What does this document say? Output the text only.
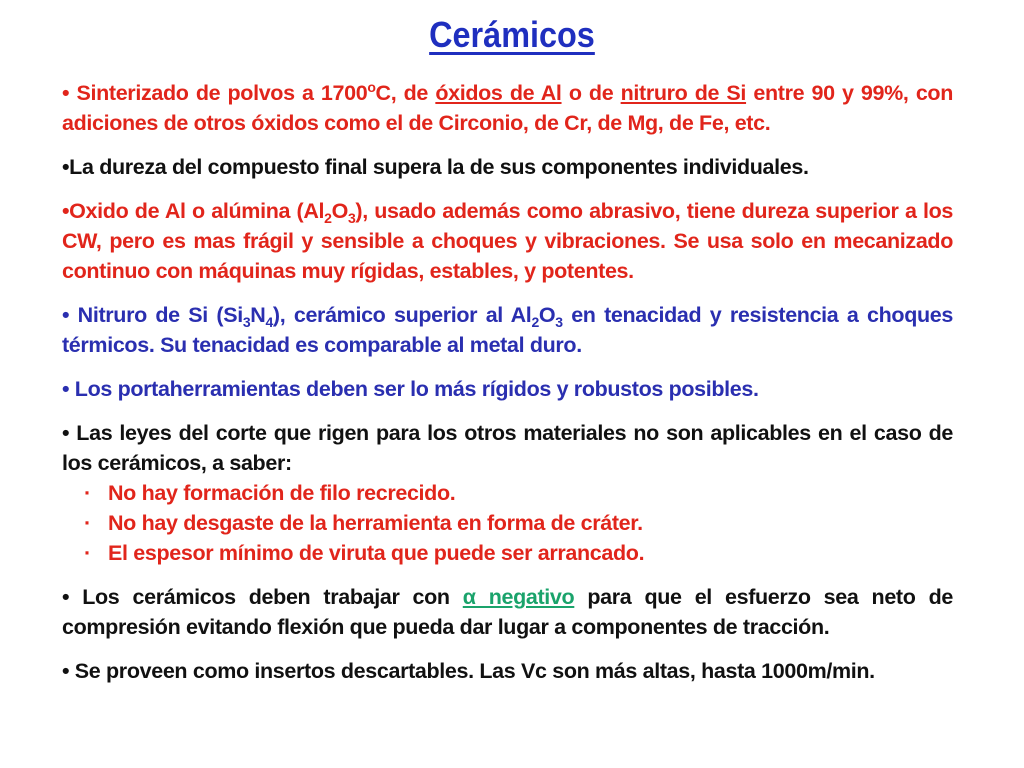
Cerámicos

• Sinterizado de polvos a 1700$^o$C, de óxidos de Al o de nitruro de Si entre 90 y 99%, con adiciones de otros óxidos como el de Circonio, de Cr, de Mg, de Fe, etc.

•La dureza del compuesto final supera la de sus componentes individuales.

•Oxido de Al o alúmina $(Al_2O_3)$, usado además como abrasivo, tiene dureza superior a los CW, pero es mas frágil y sensible a choques y vibraciones. Se usa solo en mecanizado continuo con máquinas muy rígidas, estables, y potentes.

• Nitruro de Si $(Si_3N_4)$, cerámico superior al $Al_2O_3$ en tenacidad y resistencia a choques térmicos. Su tenacidad es comparable al metal duro.

• Los portaherramientas deben ser lo más rígidos y robustos posibles.

• Las leyes del corte que rigen para los otros materiales no son aplicables en el caso de los cerámicos, a saber:
· No hay formación de filo recrecido.
· No hay desgaste de la herramienta en forma de cráter.
· El espesor mínimo de viruta que puede ser arrancado.

• Los cerámicos deben trabajar con α negativo para que el esfuerzo sea neto de compresión evitando flexión que pueda dar lugar a componentes de tracción.

• Se proveen como insertos descartables. Las Vc son más altas, hasta 1000m/min.
